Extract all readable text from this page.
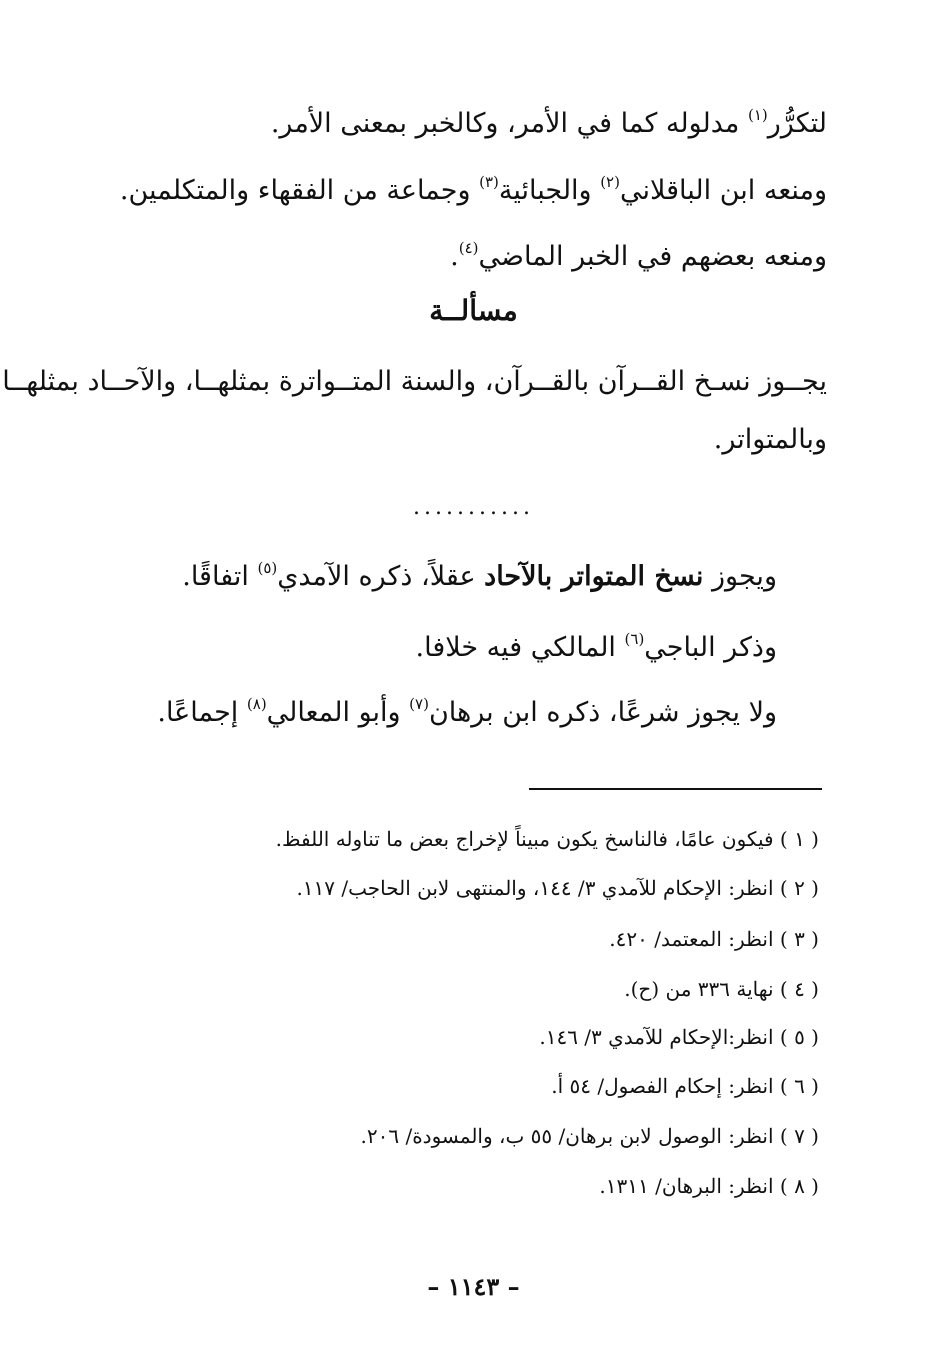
لتكرُّر$^{(١)}$ مدلوله كما في الأمر، وكالخبر بمعنى الأمر.
ومنعه ابن الباقلاني$^{(٢)}$ والجبائية$^{(٣)}$ وجماعة من الفقهاء والمتكلمين.
ومنعه بعضهم في الخبر الماضي$^{(٤)}$.
مسألــة
يجــوز نسـخ القــرآن بالقــرآن، والسنة المتــواترة بمثلهــا، والآحــاد بمثلهــا
وبالمتواتر.
...........
ويجوز نسخ المتواتر بالآحاد عقلاً، ذكره الآمدي$^{(٥)}$ اتفاقًا.
وذكر الباجي$^{(٦)}$ المالكي فيه خلافا.
ولا يجوز شرعًا، ذكره ابن برهان$^{(٧)}$ وأبو المعالي$^{(٨)}$ إجماعًا.
( ١ ) فيكون عامًا، فالناسخ يكون مبيناً لإخراج بعض ما تناوله اللفظ.
( ٢ ) انظر: الإحكام للآمدي ٣/ ١٤٤، والمنتهى لابن الحاجب/ ١١٧.
( ٣ ) انظر: المعتمد/ ٤٢٠.
( ٤ ) نهاية ٣٣٦ من (ح).
( ٥ ) انظر:الإحكام للآمدي ٣/ ١٤٦.
( ٦ ) انظر: إحكام الفصول/ ٥٤ أ.
( ٧ ) انظر: الوصول لابن برهان/ ٥٥ ب، والمسودة/ ٢٠٦.
( ٨ ) انظر: البرهان/ ١٣١١.
– ١١٤٣ –
